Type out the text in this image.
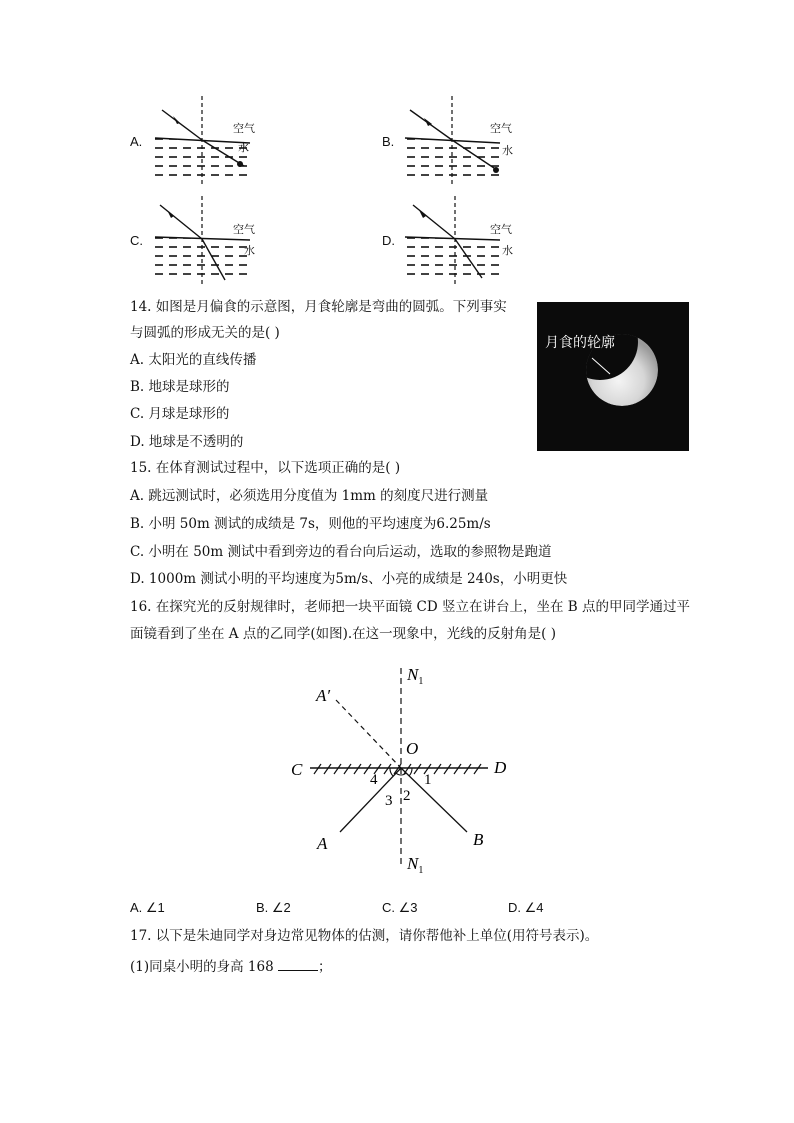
A.
空气
水	B.
空气
水
C.
空气
水
D.
空气
水
14. 如图是月偏食的示意图，月食轮廓是弯曲的圆弧。下列事实
与圆弧的形成无关的是( )
A. 太阳光的直线传播
B. 地球是球形的
C. 月球是球形的
D. 地球是不透明的
月食的轮廓
15. 在体育测试过程中，以下选项正确的是( )
A. 跳远测试时，必须选用分度值为 1mm 的刻度尺进行测量
B. 小明 50m 测试的成绩是 7s，则他的平均速度为6.25m/s
C. 小明在 50m 测试中看到旁边的看台向后运动，选取的参照物是跑道
D. 1000m 测试小明的平均速度为5m/s、小亮的成绩是 240s，小明更快
16. 在探究光的反射规律时，老师把一块平面镜 CD 竖立在讲台上，坐在 B 点的甲同学通过平
面镜看到了坐在 A 点的乙同学(如图).在这一现象中，光线的反射角是( )
$N_1$
A′
O
C	D
4	1
3 2
A	B
$N_1$
A. ∠1	B. ∠2	C. ∠3	D. ∠4
17. 以下是朱迪同学对身边常见物体的估测，请你帮他补上单位(用符号表示)。
(1)同桌小明的身高 168	；
